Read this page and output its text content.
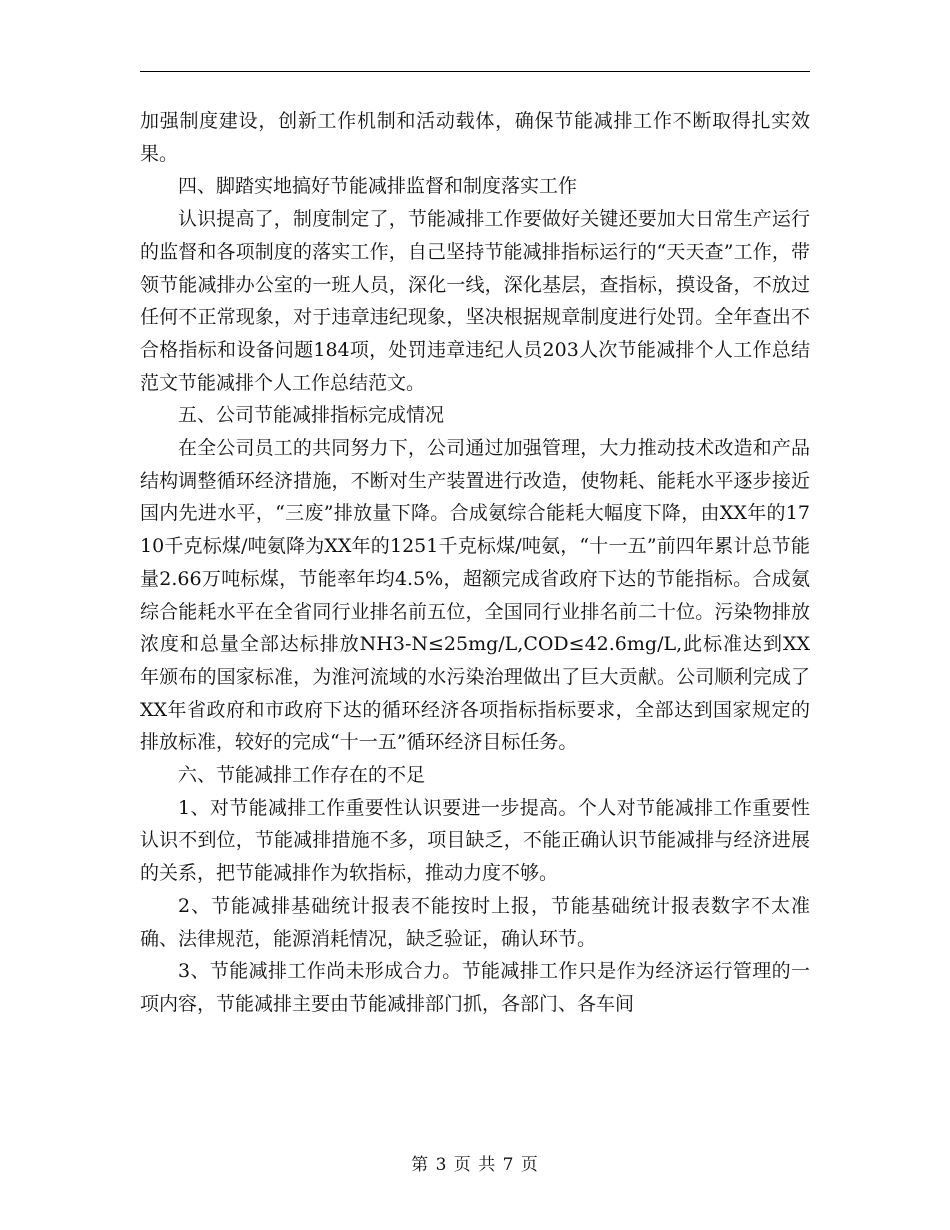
加强制度建设，创新工作机制和活动载体，确保节能减排工作不断取得扎实效果。

四、脚踏实地搞好节能减排监督和制度落实工作

认识提高了，制度制定了，节能减排工作要做好关键还要加大日常生产运行的监督和各项制度的落实工作，自己坚持节能减排指标运行的“天天查”工作，带领节能减排办公室的一班人员，深化一线，深化基层，查指标，摸设备，不放过任何不正常现象，对于违章违纪现象，坚决根据规章制度进行处罚。全年查出不合格指标和设备问题184项，处罚违章违纪人员203人次节能减排个人工作总结范文节能减排个人工作总结范文。

五、公司节能减排指标完成情况

在全公司员工的共同努力下，公司通过加强管理，大力推动技术改造和产品结构调整循环经济措施，不断对生产装置进行改造，使物耗、能耗水平逐步接近国内先进水平，“三废”排放量下降。合成氨综合能耗大幅度下降，由XX年的1710千克标煤/吨氨降为XX年的1251千克标煤/吨氨，“十一五”前四年累计总节能量2.66万吨标煤，节能率年均4.5%，超额完成省政府下达的节能指标。合成氨综合能耗水平在全省同行业排名前五位，全国同行业排名前二十位。污染物排放浓度和总量全部达标排放NH3-N≤25mg/L,COD≤42.6mg/L,此标准达到XX年颁布的国家标准，为淮河流域的水污染治理做出了巨大贡献。公司顺利完成了XX年省政府和市政府下达的循环经济各项指标指标要求，全部达到国家规定的排放标准，较好的完成“十一五”循环经济目标任务。

六、节能减排工作存在的不足

1、对节能减排工作重要性认识要进一步提高。个人对节能减排工作重要性认识不到位，节能减排措施不多，项目缺乏，不能正确认识节能减排与经济进展的关系，把节能减排作为软指标，推动力度不够。

2、节能减排基础统计报表不能按时上报，节能基础统计报表数字不太准确、法律规范，能源消耗情况，缺乏验证，确认环节。

3、节能减排工作尚未形成合力。节能减排工作只是作为经济运行管理的一项内容，节能减排主要由节能减排部门抓，各部门、各车间

第 3 页 共 7 页
